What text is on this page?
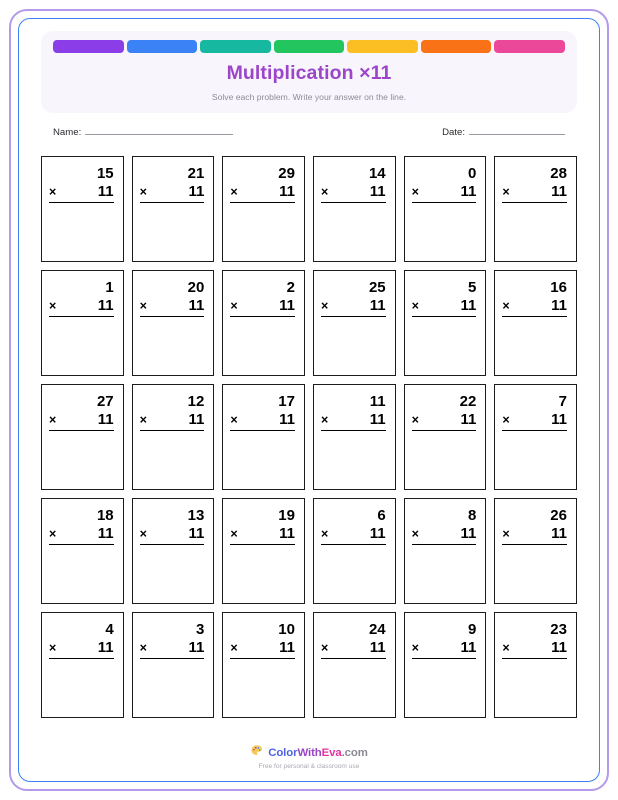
Multiplication ×11

Solve each problem. Write your answer on the line.

Name:	Date:
15
×	11
21
×	11
29
×	11
14
×	11
0
×	11
28
×	11
1
×	11
20
×	11
2
×	11
25
×	11
5
×	11
16
×	11
27
×	11
12
×	11
17
×	11
11
×	11
22
×	11
7
×	11
18
×	11
13
×	11
19
×	11
6
×	11
8
×	11
26
×	11
4
×	11
3
×	11
10
×	11
24
×	11
9
×	11
23
×	11
ColorWithEva.com
Free for personal & classroom use
